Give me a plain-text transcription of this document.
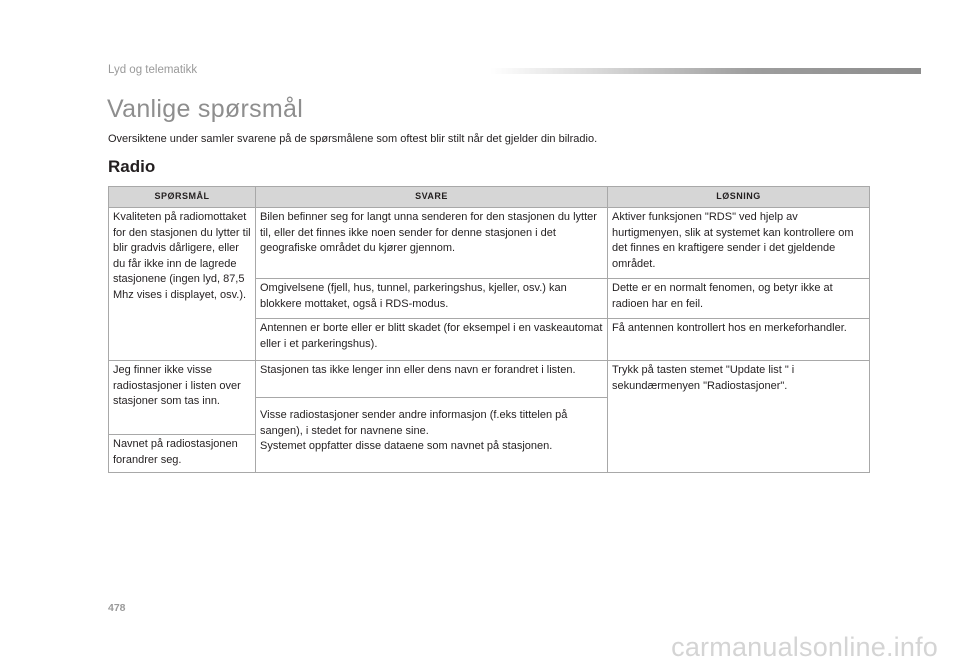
Lyd og telematikk
Vanlige spørsmål

Oversiktene under samler svarene på de spørsmålene som oftest blir stilt når det gjelder din bilradio.

Radio
SPØRSMÅL	SVARE	LØSNING
Kvaliteten på radiomottaket for den stasjonen du lytter til blir gradvis dårligere, eller du får ikke inn de lagrede stasjonene (ingen lyd, 87,5 Mhz vises i displayet, osv.).	Bilen befinner seg for langt unna senderen for den stasjonen du lytter til, eller det finnes ikke noen sender for denne stasjonen i det geografiske området du kjører gjennom.	Aktiver funksjonen "RDS" ved hjelp av hurtigmenyen, slik at systemet kan kontrollere om det finnes en kraftigere sender i det gjeldende området.
	Omgivelsene (fjell, hus, tunnel, parkeringshus, kjeller, osv.) kan blokkere mottaket, også i RDS-modus.	Dette er en normalt fenomen, og betyr ikke at radioen har en feil.
	Antennen er borte eller er blitt skadet (for eksempel i en vaskeautomat eller i et parkeringshus).	Få antennen kontrollert hos en merkeforhandler.
Jeg finner ikke visse radiostasjoner i listen over stasjoner som tas inn.	Stasjonen tas ikke lenger inn eller dens navn er forandret i listen.	Trykk på tasten stemet "Update list " i sekundærmenyen "Radiostasjoner".
	Visse radiostasjoner sender andre informasjon (f.eks tittelen på sangen), i stedet for navnene sine.
Systemet oppfatter disse dataene som navnet på stasjonen.	
Navnet på radiostasjonen forandrer seg.		
478
carmanualsonline.info
